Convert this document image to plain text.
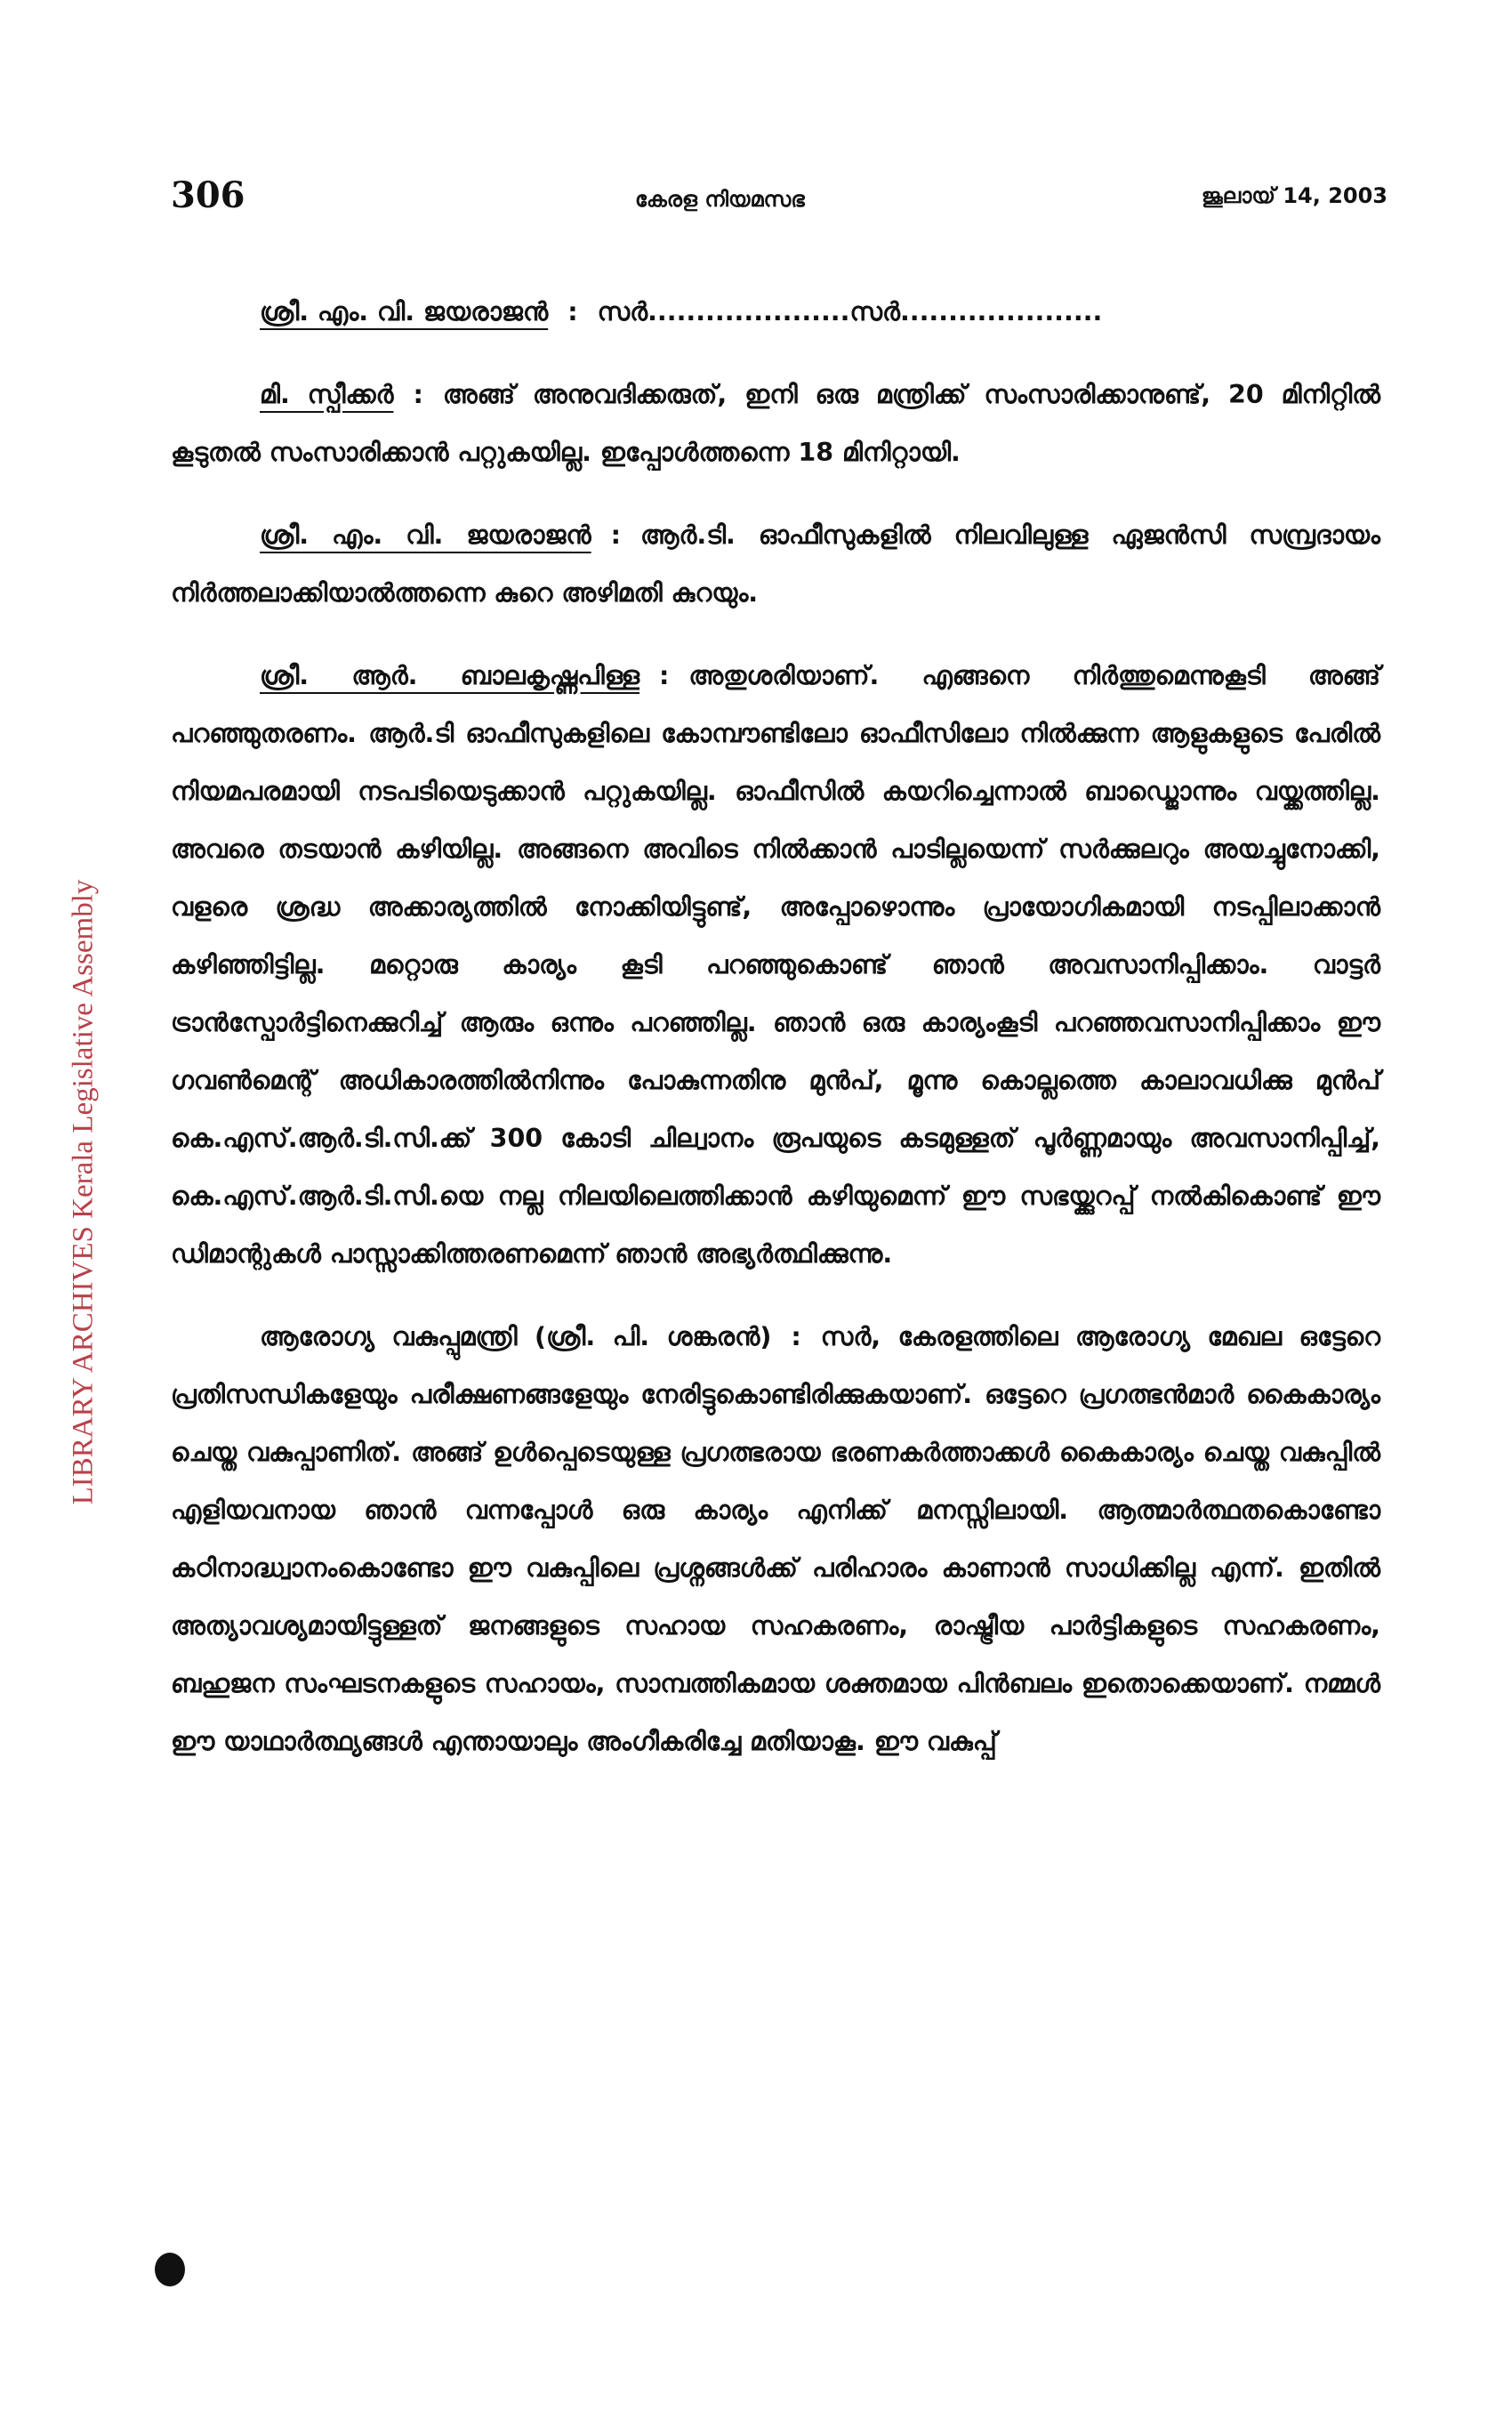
306	കേരള നിയമസഭ	ജൂലായ് 14, 2003
LIBRARY ARCHIVES Kerala Legislative Assembly

ശ്രീ. എം. വി. ജയരാജൻ : സർ.....................സർ.....................

മി. സ്പീക്കർ : അങ്ങ് അനുവദിക്കരുത്, ഇനി ഒരു മന്ത്രിക്ക് സംസാരിക്കാനുണ്ട്, 20 മിനിറ്റിൽ കൂടുതൽ സംസാരിക്കാൻ പറ്റുകയില്ല. ഇപ്പോൾത്തന്നെ 18 മിനിറ്റായി.

ശ്രീ. എം. വി. ജയരാജൻ : ആർ.ടി. ഓഫീസുകളിൽ നിലവിലുള്ള ഏജൻസി സമ്പ്രദായം നിർത്തലാക്കിയാൽത്തന്നെ കുറെ അഴിമതി കുറയും.

ശ്രീ. ആർ. ബാലകൃഷ്ണപിള്ള : അതുശരിയാണ്. എങ്ങനെ നിർത്തുമെന്നുകൂടി അങ്ങ് പറഞ്ഞുതരണം. ആർ.ടി ഓഫീസുകളിലെ കോമ്പൗണ്ടിലോ ഓഫീസിലോ നിൽക്കുന്ന ആളുകളുടെ പേരിൽ നിയമപരമായി നടപടിയെടുക്കാൻ പറ്റുകയില്ല. ഓഫീസിൽ കയറിച്ചെന്നാൽ ബാഡ്ജൊന്നും വയ്ക്കത്തില്ല. അവരെ തടയാൻ കഴിയില്ല. അങ്ങനെ അവിടെ നിൽക്കാൻ പാടില്ലയെന്ന് സർക്കുലറും അയച്ചുനോക്കി, വളരെ ശ്രദ്ധ അക്കാര്യത്തിൽ നോക്കിയിട്ടുണ്ട്, അപ്പോഴൊന്നും പ്രായോഗികമായി നടപ്പിലാക്കാൻ കഴിഞ്ഞിട്ടില്ല. മറ്റൊരു കാര്യം കൂടി പറഞ്ഞുകൊണ്ട് ഞാൻ അവസാനിപ്പിക്കാം. വാട്ടർ ട്രാൻസ്പോർട്ടിനെക്കുറിച്ച് ആരും ഒന്നും പറഞ്ഞില്ല. ഞാൻ ഒരു കാര്യംകൂടി പറഞ്ഞവസാനിപ്പിക്കാം ഈ ഗവൺമെന്റ് അധികാരത്തിൽനിന്നും പോകുന്നതിനു മുൻപ്, മൂന്നു കൊല്ലത്തെ കാലാവധിക്കു മുൻപ് കെ.എസ്.ആർ.ടി.സി.ക്ക് 300 കോടി ചില്വാനം രൂപയുടെ കടമുള്ളത് പൂർണ്ണമായും അവസാനിപ്പിച്ച്, കെ.എസ്.ആർ.ടി.സി.യെ നല്ല നിലയിലെത്തിക്കാൻ കഴിയുമെന്ന് ഈ സഭയ്ക്കുറപ്പ് നൽകികൊണ്ട് ഈ ഡിമാന്റുകൾ പാസ്സാക്കിത്തരണമെന്ന് ഞാൻ അഭ്യർത്ഥിക്കുന്നു.

ആരോഗ്യ വകുപ്പുമന്ത്രി (ശ്രീ. പി. ശങ്കരൻ) : സർ, കേരളത്തിലെ ആരോഗ്യ മേഖല ഒട്ടേറെ പ്രതിസന്ധികളേയും പരീക്ഷണങ്ങളേയും നേരിട്ടുകൊണ്ടിരിക്കുകയാണ്. ഒട്ടേറെ പ്രഗത്ഭൻമാർ കൈകാര്യം ചെയ്ത വകുപ്പാണിത്. അങ്ങ് ഉൾപ്പെടെയുള്ള പ്രഗത്ഭരായ ഭരണകർത്താക്കൾ കൈകാര്യം ചെയ്ത വകുപ്പിൽ എളിയവനായ ഞാൻ വന്നപ്പോൾ ഒരു കാര്യം എനിക്ക് മനസ്സിലായി. ആത്മാർത്ഥതകൊണ്ടോ കഠിനാദ്ധ്വാനംകൊണ്ടോ ഈ വകുപ്പിലെ പ്രശ്നങ്ങൾക്ക് പരിഹാരം കാണാൻ സാധിക്കില്ല എന്ന്. ഇതിൽ അത്യാവശ്യമായിട്ടുള്ളത് ജനങ്ങളുടെ സഹായ സഹകരണം, രാഷ്ട്രീയ പാർട്ടികളുടെ സഹകരണം, ബഹുജന സംഘടനകളുടെ സഹായം, സാമ്പത്തികമായ ശക്തമായ പിൻബലം ഇതൊക്കെയാണ്. നമ്മൾ ഈ യാഥാർത്ഥ്യങ്ങൾ എന്തായാലും അംഗീകരിച്ചേ മതിയാകൂ. ഈ വകുപ്പ്
